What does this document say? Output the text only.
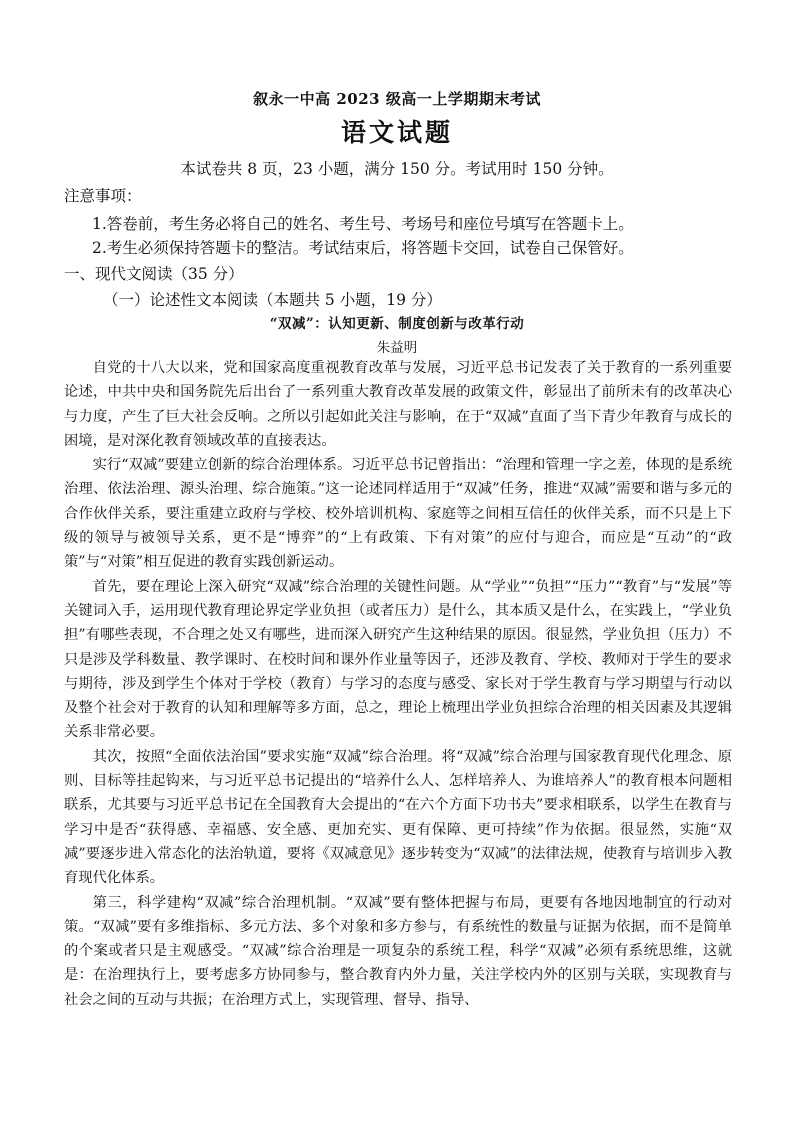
叙永一中高 2023 级高一上学期期末考试
语文试题
本试卷共 8 页，23 小题，满分 150 分。考试用时 150 分钟。
注意事项：
1.答卷前，考生务必将自己的姓名、考生号、考场号和座位号填写在答题卡上。
2.考生必须保持答题卡的整洁。考试结束后，将答题卡交回，试卷自己保管好。
一、现代文阅读（35 分）
（一）论述性文本阅读（本题共 5 小题，19 分）
“双减”：认知更新、制度创新与改革行动
朱益明

自党的十八大以来，党和国家高度重视教育改革与发展，习近平总书记发表了关于教育的一系列重要论述，中共中央和国务院先后出台了一系列重大教育改革发展的政策文件，彰显出了前所未有的改革决心与力度，产生了巨大社会反响。之所以引起如此关注与影响，在于“双减”直面了当下青少年教育与成长的困境，是对深化教育领域改革的直接表达。

实行“双减”要建立创新的综合治理体系。习近平总书记曾指出：“治理和管理一字之差，体现的是系统治理、依法治理、源头治理、综合施策。”这一论述同样适用于“双减”任务，推进“双减”需要和谐与多元的合作伙伴关系，要注重建立政府与学校、校外培训机构、家庭等之间相互信任的伙伴关系，而不只是上下级的领导与被领导关系，更不是“博弈”的“上有政策、下有对策”的应付与迎合，而应是“互动”的“政策”与“对策”相互促进的教育实践创新运动。

首先，要在理论上深入研究“双减”综合治理的关键性问题。从“学业”“负担”“压力”“教育”与“发展”等关键词入手，运用现代教育理论界定学业负担（或者压力）是什么，其本质又是什么，在实践上，“学业负担”有哪些表现，不合理之处又有哪些，进而深入研究产生这种结果的原因。很显然，学业负担（压力）不只是涉及学科数量、教学课时、在校时间和课外作业量等因子，还涉及教育、学校、教师对于学生的要求与期待，涉及到学生个体对于学校（教育）与学习的态度与感受、家长对于学生教育与学习期望与行动以及整个社会对于教育的认知和理解等多方面，总之，理论上梳理出学业负担综合治理的相关因素及其逻辑关系非常必要。

其次，按照“全面依法治国”要求实施“双减”综合治理。将“双减”综合治理与国家教育现代化理念、原则、目标等挂起钩来，与习近平总书记提出的“培养什么人、怎样培养人、为谁培养人”的教育根本问题相联系，尤其要与习近平总书记在全国教育大会提出的“在六个方面下功书夫”要求相联系，以学生在教育与学习中是否“获得感、幸福感、安全感、更加充实、更有保障、更可持续”作为依据。很显然，实施“双减”要逐步进入常态化的法治轨道，要将《双减意见》逐步转变为“双减”的法律法规，使教育与培训步入教育现代化体系。

第三，科学建构“双减”综合治理机制。“双减”要有整体把握与布局，更要有各地因地制宜的行动对策。“双减”要有多维指标、多元方法、多个对象和多方参与，有系统性的数量与证据为依据，而不是简单的个案或者只是主观感受。“双减”综合治理是一项复杂的系统工程，科学“双减”必须有系统思维，这就是：在治理执行上，要考虑多方协同参与，整合教育内外力量，关注学校内外的区别与关联，实现教育与社会之间的互动与共振；在治理方式上，实现管理、督导、指导、
